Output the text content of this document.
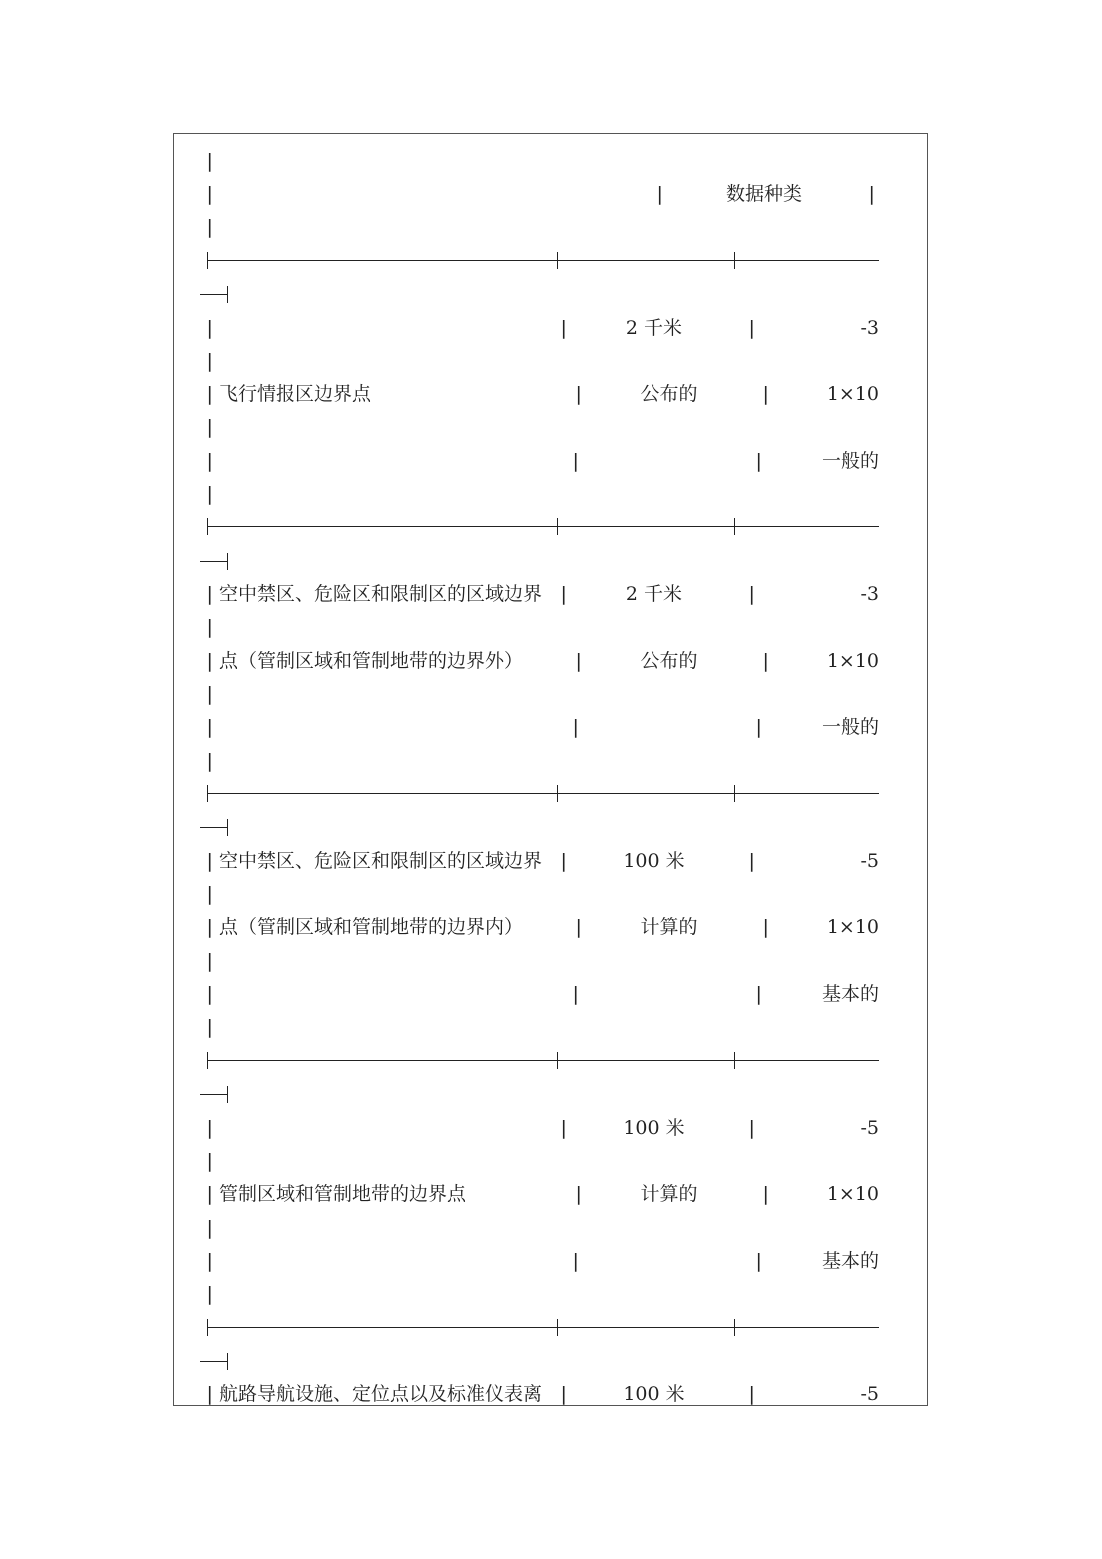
|
|	|	数据种类	|
|
|	|	2 千米	|	-3
|
| 飞行情报区边界点	|	公布的	|	1×10
|
|	|	|	一般的
|
| 空中禁区、危险区和限制区的区域边界 |	2 千米	|	-3
|
| 点（管制区域和管制地带的边界外）	|	公布的	|	1×10
|
|	|	|	一般的
|
| 空中禁区、危险区和限制区的区域边界 |	100 米	|	-5
|
| 点（管制区域和管制地带的边界内）	|	计算的	|	1×10
|
|	|	|	基本的
|
|	|	100 米	|	-5
|
| 管制区域和管制地带的边界点	|	计算的	|	1×10
|
|	|	|	基本的
|
| 航路导航设施、定位点以及标准仪表离 |	100 米	|	-5
